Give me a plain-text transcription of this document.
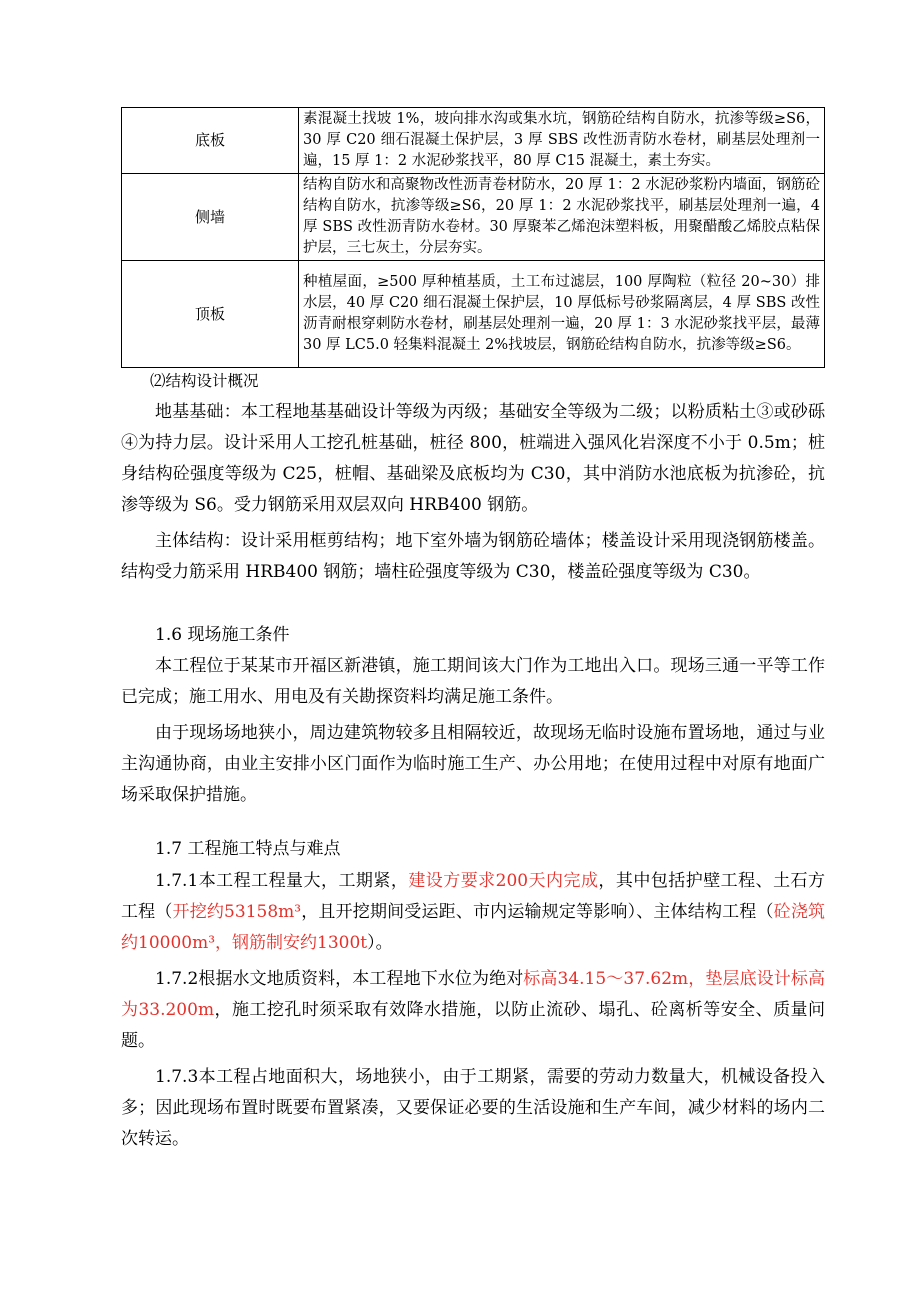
底板	素混凝土找坡 1%，坡向排水沟或集水坑，钢筋砼结构自防水，抗渗等级≥S6，30 厚 C20 细石混凝土保护层，3 厚 SBS 改性沥青防水卷材，刷基层处理剂一遍，15 厚 1：2 水泥砂浆找平，80 厚 C15 混凝土，素土夯实。
侧墙	结构自防水和高聚物改性沥青卷材防水，20 厚 1：2 水泥砂浆粉内墙面，钢筋砼结构自防水，抗渗等级≥S6，20 厚 1：2 水泥砂浆找平，刷基层处理剂一遍，4 厚 SBS 改性沥青防水卷材。30 厚聚苯乙烯泡沫塑料板，用聚醋酸乙烯胶点粘保护层，三七灰土，分层夯实。
顶板	种植屋面，≥500 厚种植基质，土工布过滤层，100 厚陶粒（粒径 20~30）排水层，40 厚 C20 细石混凝土保护层，10 厚低标号砂浆隔离层，4 厚 SBS 改性沥青耐根穿刺防水卷材，刷基层处理剂一遍，20 厚 1：3 水泥砂浆找平层，最薄 30 厚 LC5.0 轻集料混凝土 2%找坡层，钢筋砼结构自防水，抗渗等级≥S6。
⑵结构设计概况

地基基础：本工程地基基础设计等级为丙级；基础安全等级为二级；以粉质粘土③或砂砾④为持力层。设计采用人工挖孔桩基础，桩径 800，桩端进入强风化岩深度不小于 0.5m；桩身结构砼强度等级为 C25，桩帽、基础梁及底板均为 C30，其中消防水池底板为抗渗砼，抗渗等级为 S6。受力钢筋采用双层双向 HRB400 钢筋。

主体结构：设计采用框剪结构；地下室外墙为钢筋砼墙体；楼盖设计采用现浇钢筋楼盖。结构受力筋采用 HRB400 钢筋；墙柱砼强度等级为 C30，楼盖砼强度等级为 C30。

1.6 现场施工条件

本工程位于某某市开福区新港镇，施工期间该大门作为工地出入口。现场三通一平等工作已完成；施工用水、用电及有关勘探资料均满足施工条件。

由于现场场地狭小，周边建筑物较多且相隔较近，故现场无临时设施布置场地，通过与业主沟通协商，由业主安排小区门面作为临时施工生产、办公用地；在使用过程中对原有地面广场采取保护措施。

1.7 工程施工特点与难点

1.7.1本工程工程量大，工期紧，建设方要求200天内完成，其中包括护壁工程、土石方工程（开挖约53158m³，且开挖期间受运距、市内运输规定等影响）、主体结构工程（砼浇筑约10000m³，钢筋制安约1300t）。

1.7.2根据水文地质资料，本工程地下水位为绝对标高34.15～37.62m，垫层底设计标高为33.200m，施工挖孔时须采取有效降水措施，以防止流砂、塌孔、砼离析等安全、质量问题。

1.7.3本工程占地面积大，场地狭小，由于工期紧，需要的劳动力数量大，机械设备投入多；因此现场布置时既要布置紧凑，又要保证必要的生活设施和生产车间，减少材料的场内二次转运。
